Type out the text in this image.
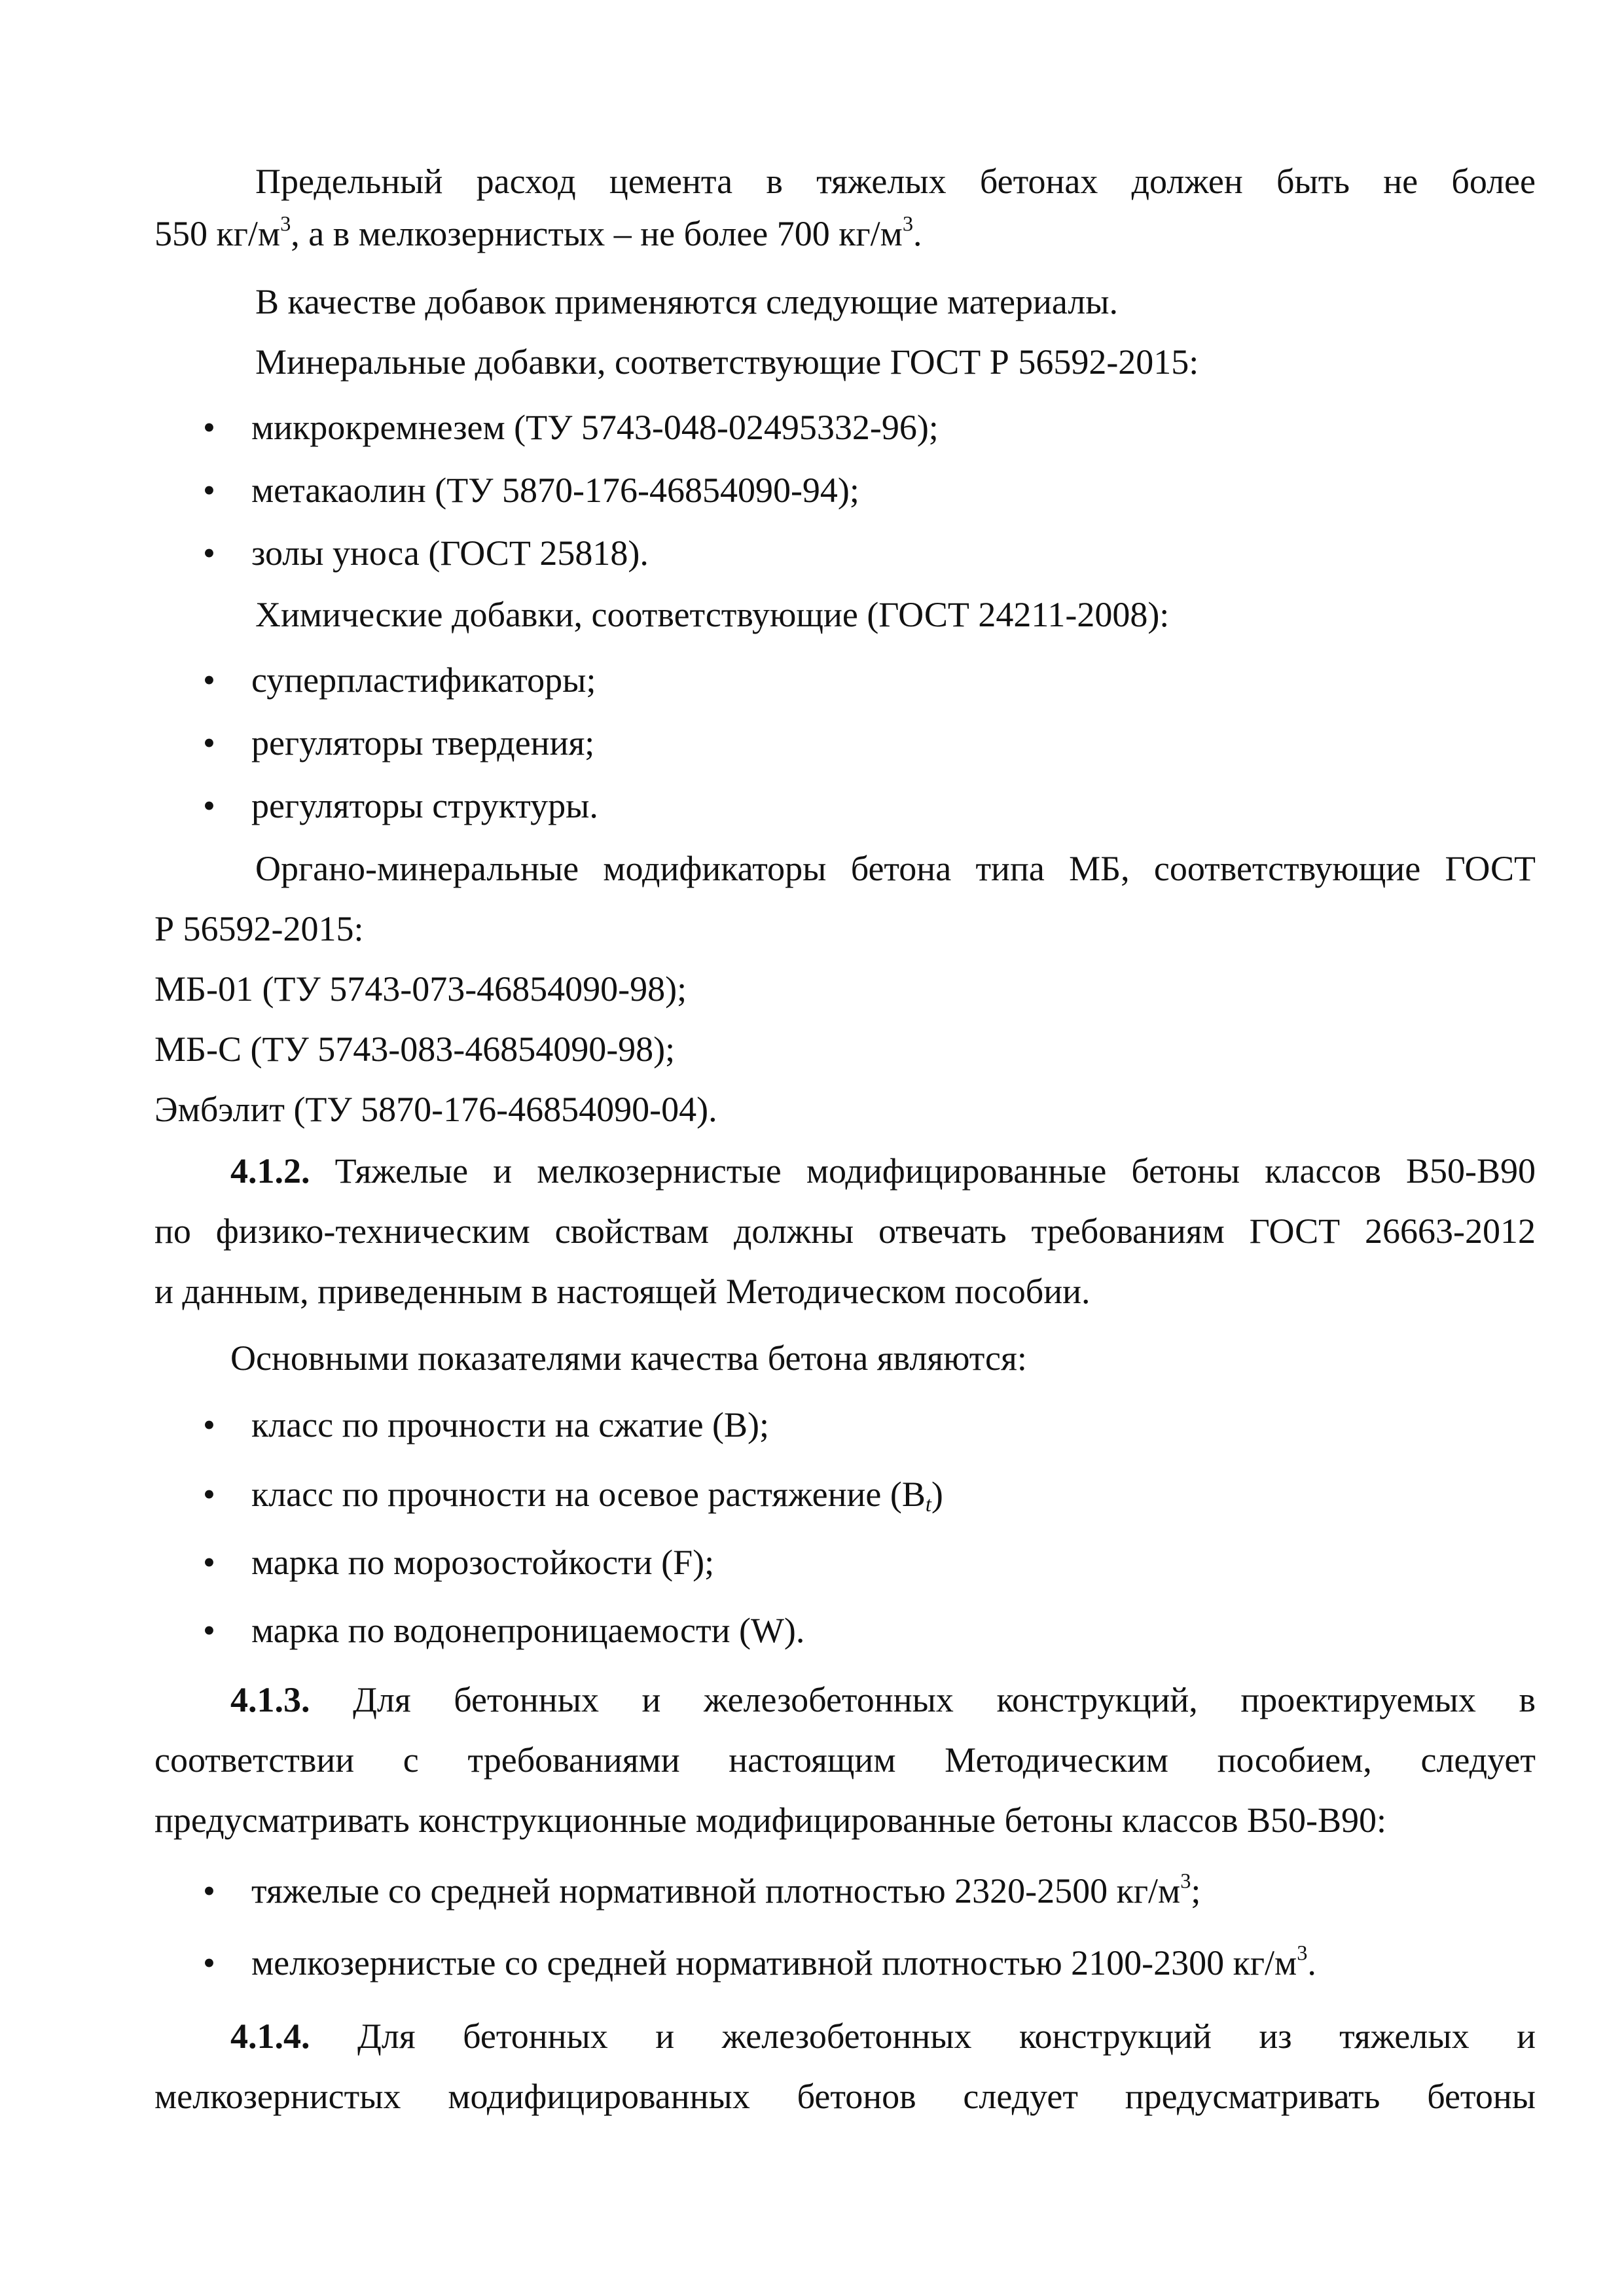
Предельный расход цемента в тяжелых бетонах должен быть не более
550 $кг/м^3$, а в мелкозернистых – не более 700 $кг/м^3$.
В качестве добавок применяются следующие материалы.
Минеральные добавки, соответствующие ГОСТ Р 56592-2015:
• микрокремнезем (ТУ 5743-048-02495332-96);
• метакаолин (ТУ 5870-176-46854090-94);
• золы уноса (ГОСТ 25818).
Химические добавки, соответствующие (ГОСТ 24211-2008):
• суперпластификаторы;
• регуляторы твердения;
• регуляторы структуры.
Органо-минеральные модификаторы бетона типа МБ, соответствующие ГОСТ
Р 56592-2015:
МБ-01 (ТУ 5743-073-46854090-98);
МБ-С (ТУ 5743-083-46854090-98);
Эмбэлит (ТУ 5870-176-46854090-04).
4.1.2. Тяжелые и мелкозернистые модифицированные бетоны классов В50-В90
по физико-техническим свойствам должны отвечать требованиям ГОСТ 26663-2012
и данным, приведенным в настоящей Методическом пособии.
Основными показателями качества бетона являются:
• класс по прочности на сжатие (В);
• класс по прочности на осевое растяжение $(В_t)$
• марка по морозостойкости (F);
• марка по водонепроницаемости (W).
4.1.3. Для бетонных и железобетонных конструкций, проектируемых в
соответствии с требованиями настоящим Методическим пособием, следует
предусматривать конструкционные модифицированные бетоны классов В50-В90:
• тяжелые со средней нормативной плотностью 2320-2500 $кг/м^3$;
• мелкозернистые со средней нормативной плотностью 2100-2300 $кг/м^3$.
4.1.4. Для бетонных и железобетонных конструкций из тяжелых и
мелкозернистых модифицированных бетонов следует предусматривать бетоны
